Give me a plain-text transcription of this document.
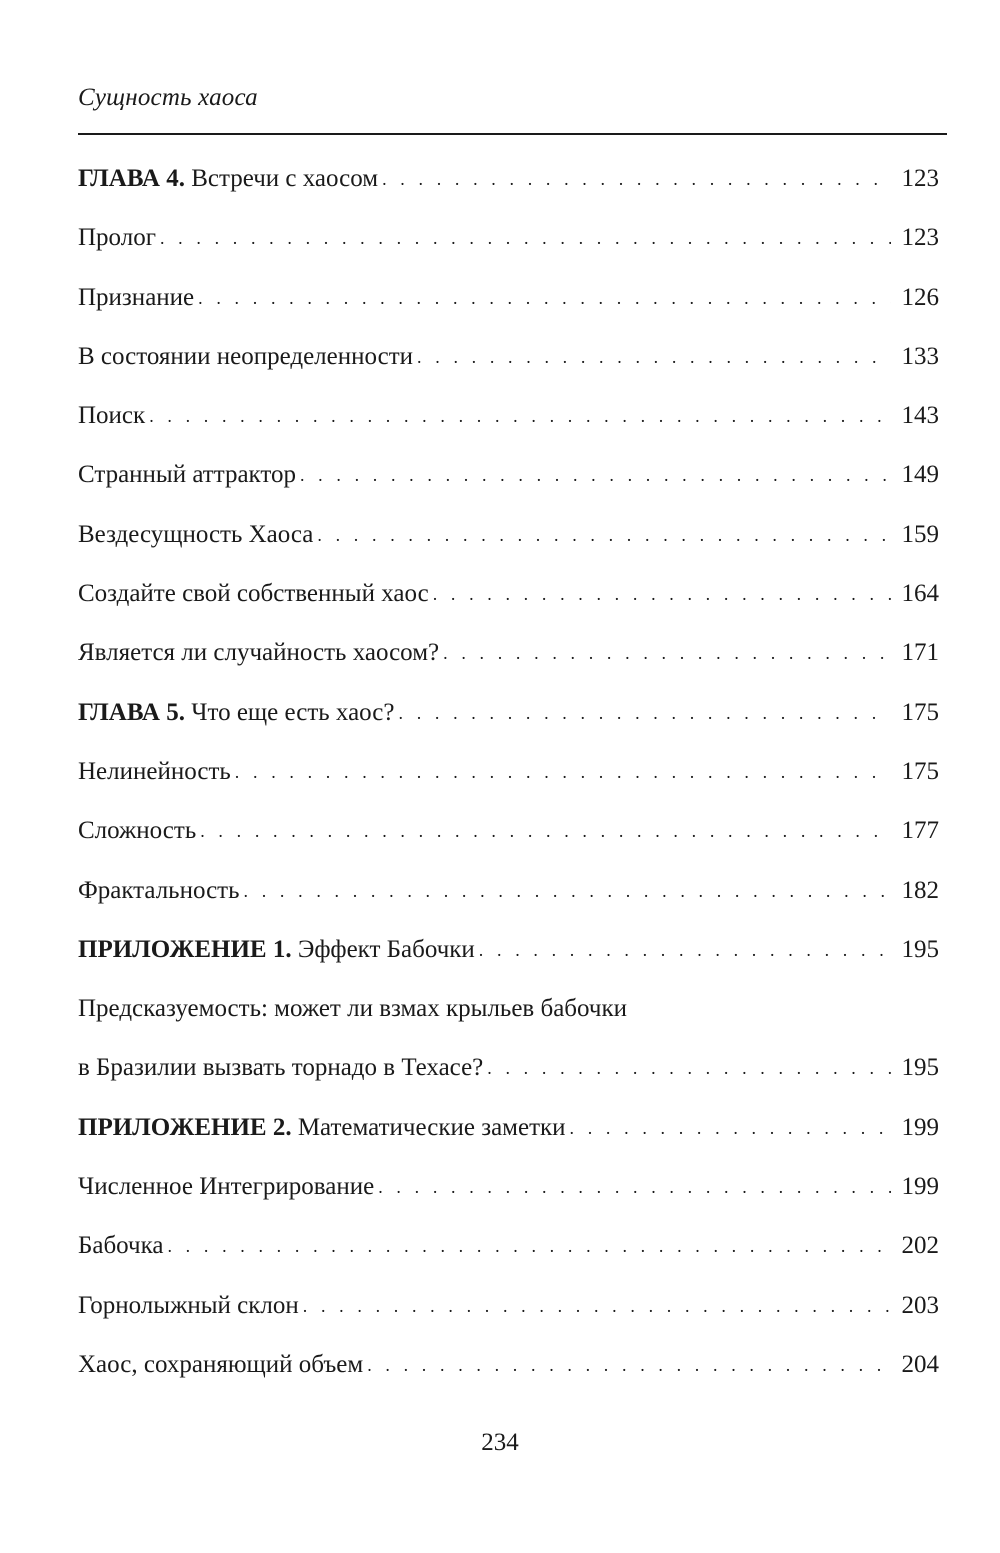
Сущность хаоса
ГЛАВА 4. Встречи с хаосом . . .	123
Пролог . . .	123
Признание . . .	126
В состоянии неопределенности . . .	133
Поиск . . .	143
Странный аттрактор . . .	149
Вездесущность Хаоса . . .	159
Создайте свой собственный хаос . . .	164
Является ли случайность хаосом? . . .	171
ГЛАВА 5. Что еще есть хаос? . . .	175
Нелинейность . . .	175
Сложность . . .	177
Фрактальность . . .	182
ПРИЛОЖЕНИЕ 1. Эффект Бабочки . . .	195
Предсказуемость: может ли взмах крыльев бабочки
в Бразилии вызвать торнадо в Техасе? . . .	195
ПРИЛОЖЕНИЕ 2. Математические заметки . . .	199
Численное Интегрирование . . .	199
Бабочка . . .	202
Горнолыжный склон . . .	203
Хаос, сохраняющий объем . . .	204
234
